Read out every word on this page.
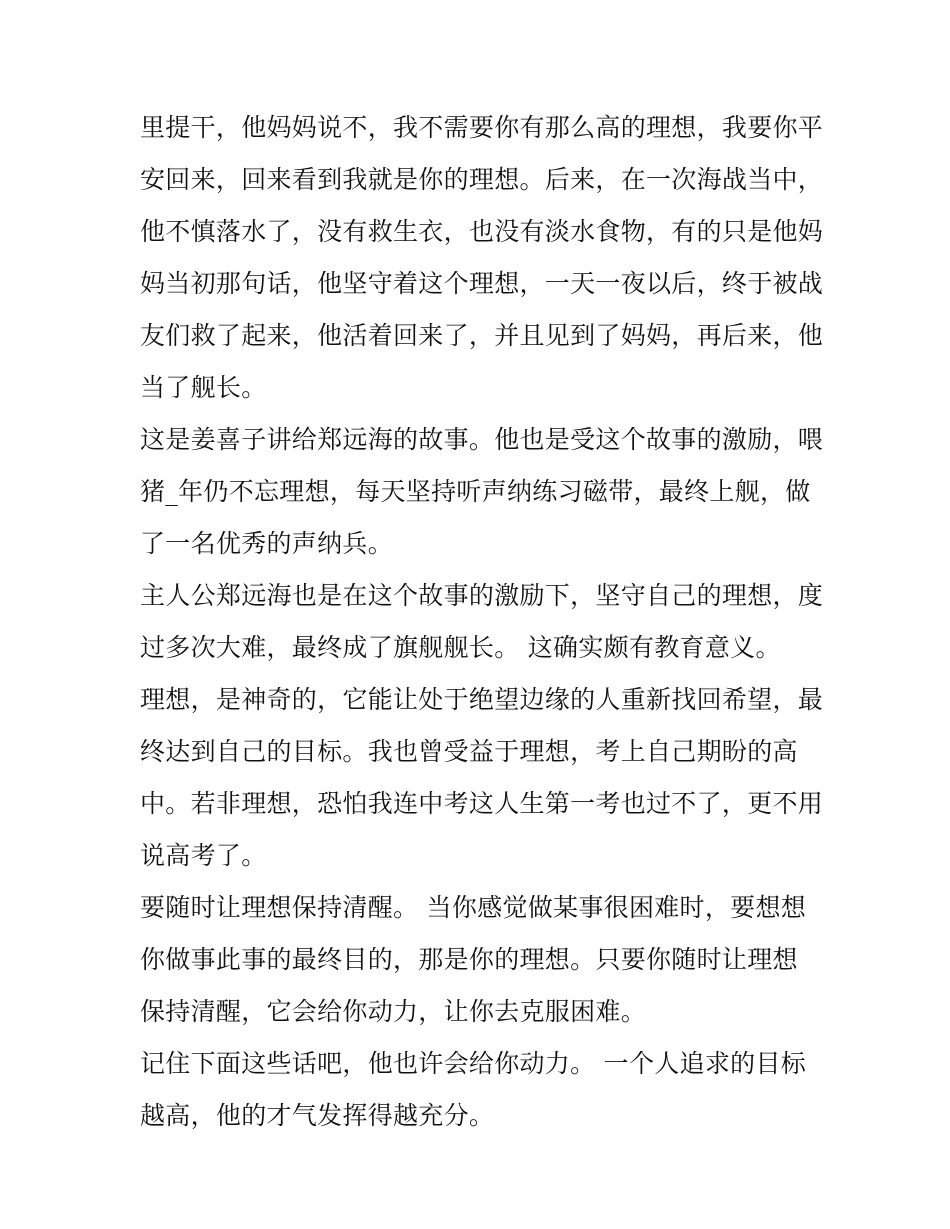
里提干，他妈妈说不，我不需要你有那么高的理想，我要你平
安回来，回来看到我就是你的理想。后来，在一次海战当中，
他不慎落水了，没有救生衣，也没有淡水食物，有的只是他妈
妈当初那句话，他坚守着这个理想，一天一夜以后，终于被战
友们救了起来，他活着回来了，并且见到了妈妈，再后来，他
当了舰长。

这是姜喜子讲给郑远海的故事。他也是受这个故事的激励，喂
猪_年仍不忘理想，每天坚持听声纳练习磁带，最终上舰，做
了一名优秀的声纳兵。

主人公郑远海也是在这个故事的激励下，坚守自己的理想，度
过多次大难，最终成了旗舰舰长。 这确实颇有教育意义。

理想，是神奇的，它能让处于绝望边缘的人重新找回希望，最
终达到自己的目标。我也曾受益于理想，考上自己期盼的高
中。若非理想，恐怕我连中考这人生第一考也过不了，更不用
说高考了。

要随时让理想保持清醒。 当你感觉做某事很困难时，要想想
你做事此事的最终目的，那是你的理想。只要你随时让理想
保持清醒，它会给你动力，让你去克服困难。

记住下面这些话吧，他也许会给你动力。 一个人追求的目标
越高，他的才气发挥得越充分。
